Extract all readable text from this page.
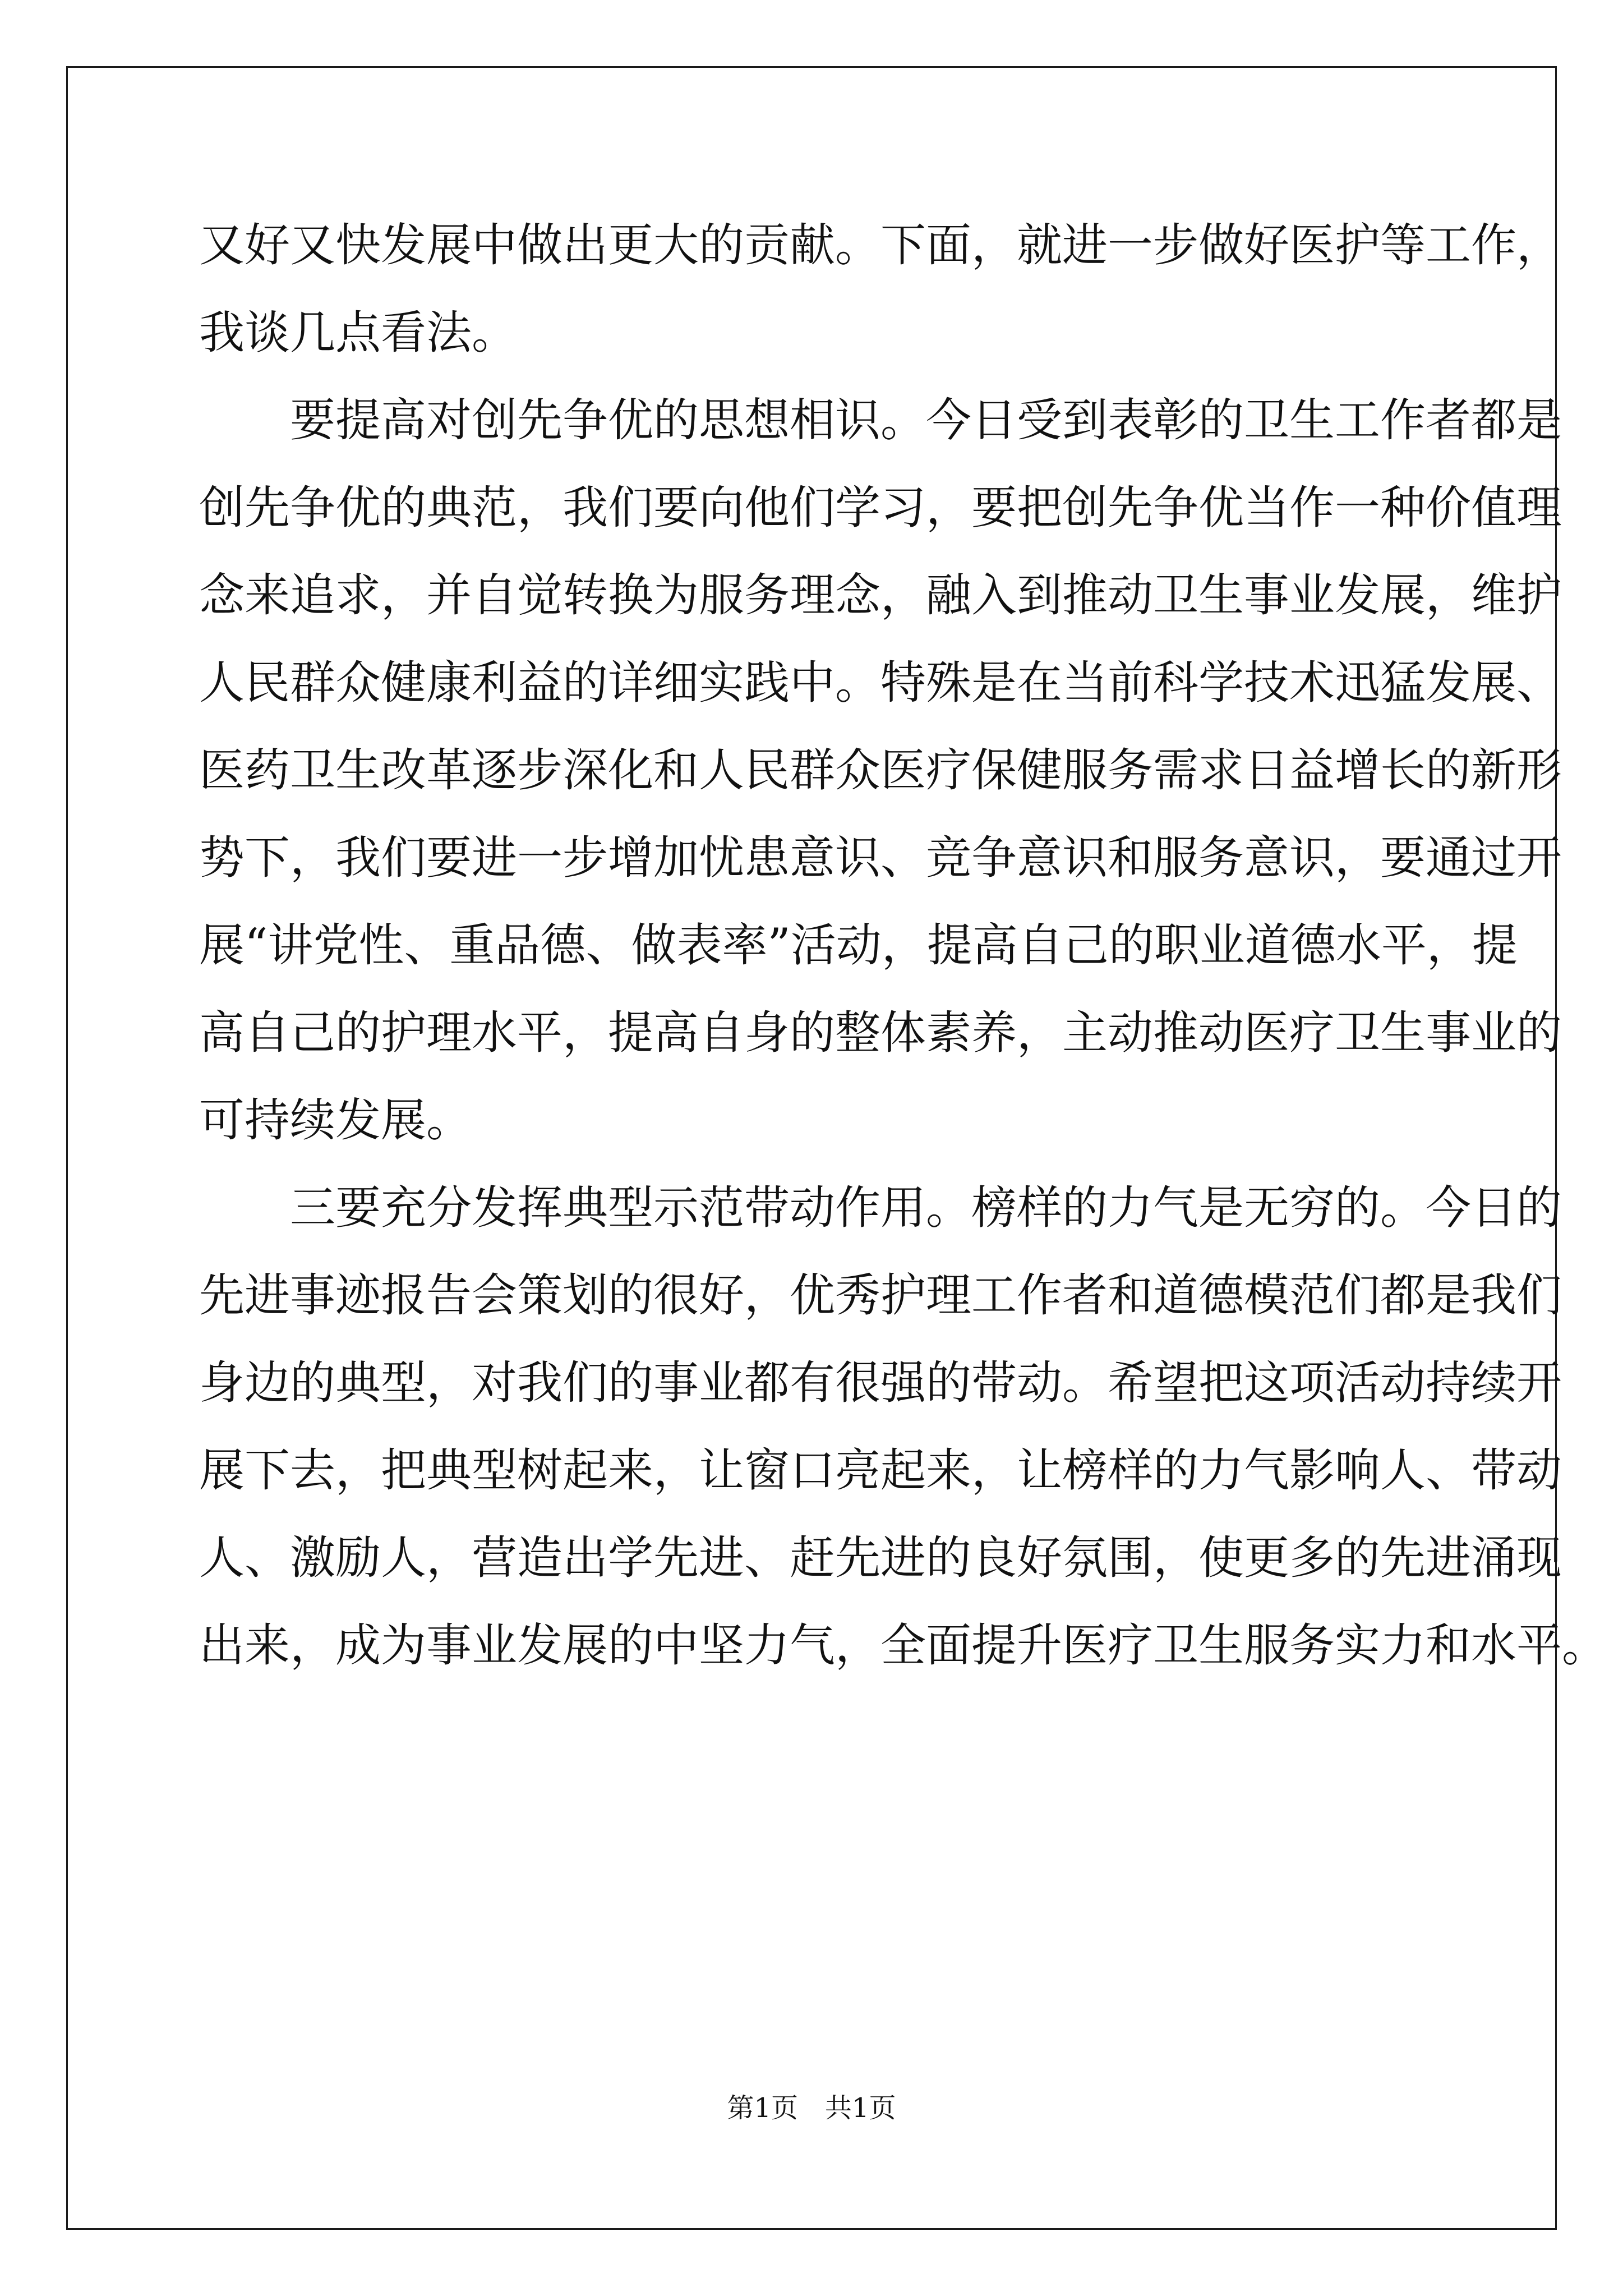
又好又快发展中做出更大的贡献。下面，就进一步做好医护等工作，
我谈几点看法。
　　要提高对创先争优的思想相识。今日受到表彰的卫生工作者都是
创先争优的典范，我们要向他们学习，要把创先争优当作一种价值理
念来追求，并自觉转换为服务理念，融入到推动卫生事业发展，维护
人民群众健康利益的详细实践中。特殊是在当前科学技术迅猛发展、
医药卫生改革逐步深化和人民群众医疗保健服务需求日益增长的新形
势下，我们要进一步增加忧患意识、竞争意识和服务意识，要通过开
展“讲党性、重品德、做表率”活动，提高自己的职业道德水平，提
高自己的护理水平，提高自身的整体素养，主动推动医疗卫生事业的
可持续发展。
　　三要充分发挥典型示范带动作用。榜样的力气是无穷的。今日的
先进事迹报告会策划的很好，优秀护理工作者和道德模范们都是我们
身边的典型，对我们的事业都有很强的带动。希望把这项活动持续开
展下去，把典型树起来，让窗口亮起来，让榜样的力气影响人、带动
人、激励人，营造出学先进、赶先进的良好氛围，使更多的先进涌现
出来，成为事业发展的中坚力气，全面提升医疗卫生服务实力和水平。
第1页　共1页
